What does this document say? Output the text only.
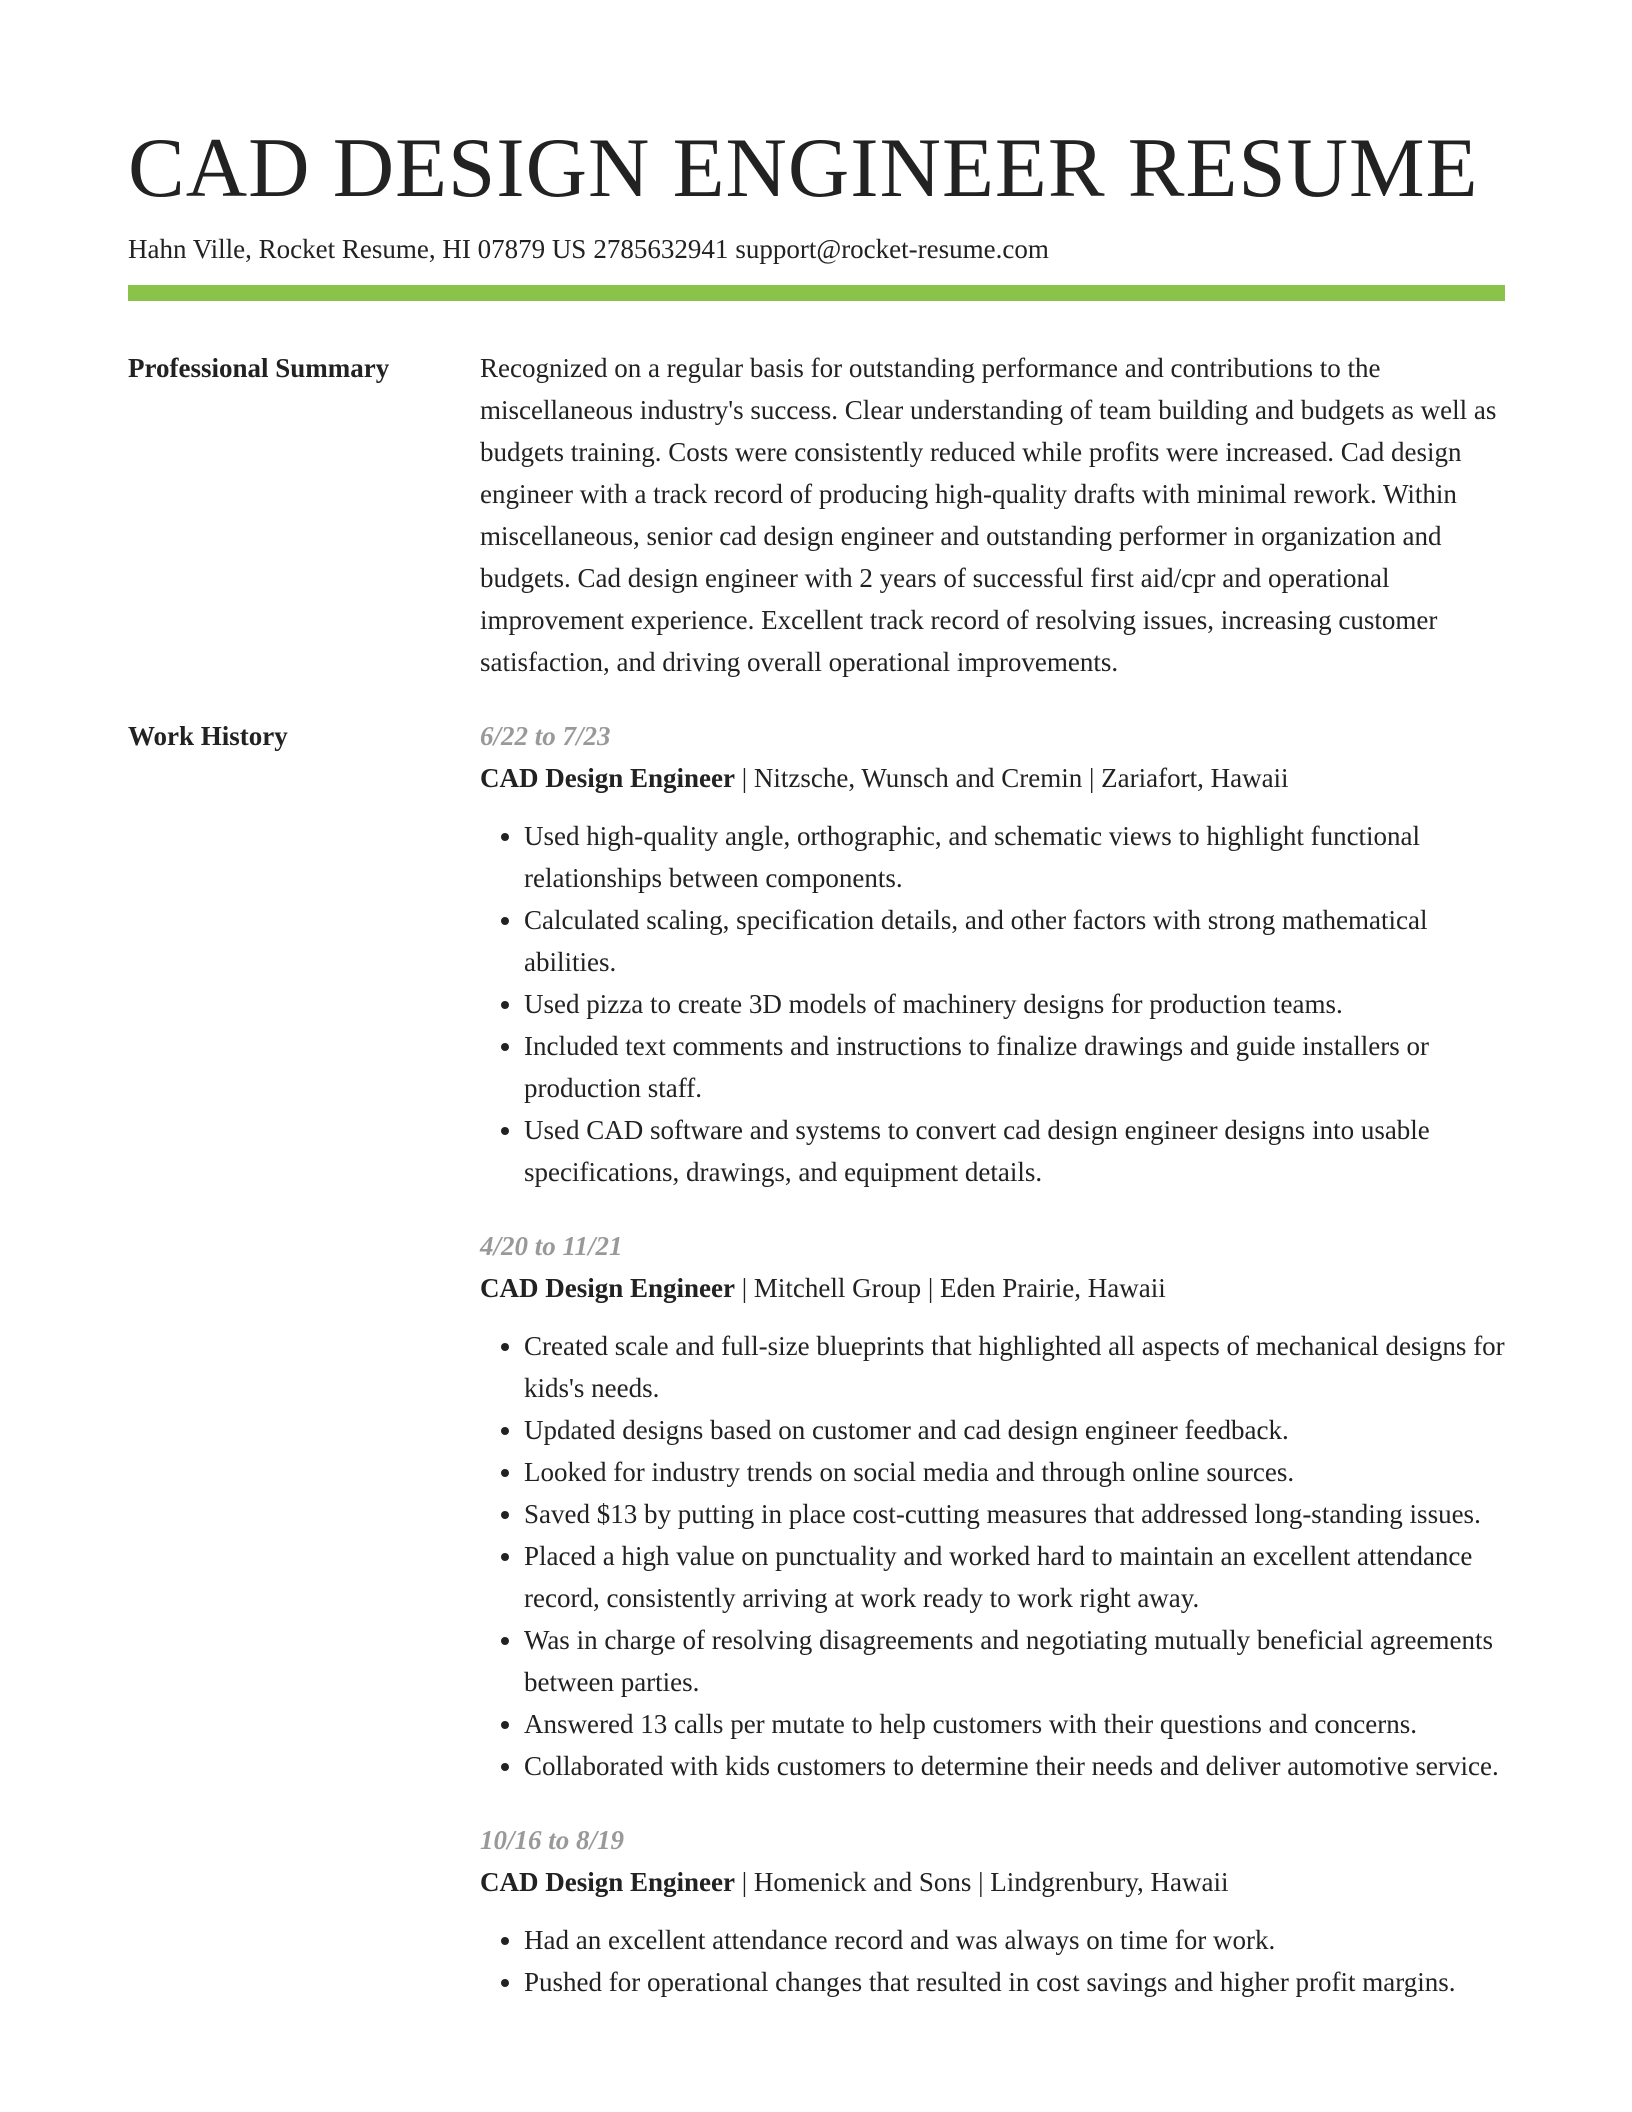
CAD DESIGN ENGINEER RESUME
Hahn Ville, Rocket Resume, HI 07879 US 2785632941 support@rocket-resume.com
Professional Summary	Recognized on a regular basis for outstanding performance and contributions to the miscellaneous industry's success. Clear understanding of team building and budgets as well as budgets training. Costs were consistently reduced while profits were increased. Cad design engineer with a track record of producing high-quality drafts with minimal rework. Within miscellaneous, senior cad design engineer and outstanding performer in organization and budgets. Cad design engineer with 2 years of successful first aid/cpr and operational improvement experience. Excellent track record of resolving issues, increasing customer satisfaction, and driving overall operational improvements.

Work History	6/22 to 7/23
CAD Design Engineer | Nitzsche, Wunsch and Cremin | Zariafort, Hawaii
• Used high-quality angle, orthographic, and schematic views to highlight functional relationships between components.
• Calculated scaling, specification details, and other factors with strong mathematical abilities.
• Used pizza to create 3D models of machinery designs for production teams.
• Included text comments and instructions to finalize drawings and guide installers or production staff.
• Used CAD software and systems to convert cad design engineer designs into usable specifications, drawings, and equipment details.
4/20 to 11/21
CAD Design Engineer | Mitchell Group | Eden Prairie, Hawaii
• Created scale and full-size blueprints that highlighted all aspects of mechanical designs for kids's needs.
• Updated designs based on customer and cad design engineer feedback.
• Looked for industry trends on social media and through online sources.
• Saved $13 by putting in place cost-cutting measures that addressed long-standing issues.
• Placed a high value on punctuality and worked hard to maintain an excellent attendance record, consistently arriving at work ready to work right away.
• Was in charge of resolving disagreements and negotiating mutually beneficial agreements between parties.
• Answered 13 calls per mutate to help customers with their questions and concerns.
• Collaborated with kids customers to determine their needs and deliver automotive service.
10/16 to 8/19
CAD Design Engineer | Homenick and Sons | Lindgrenbury, Hawaii
• Had an excellent attendance record and was always on time for work.
• Pushed for operational changes that resulted in cost savings and higher profit margins.
